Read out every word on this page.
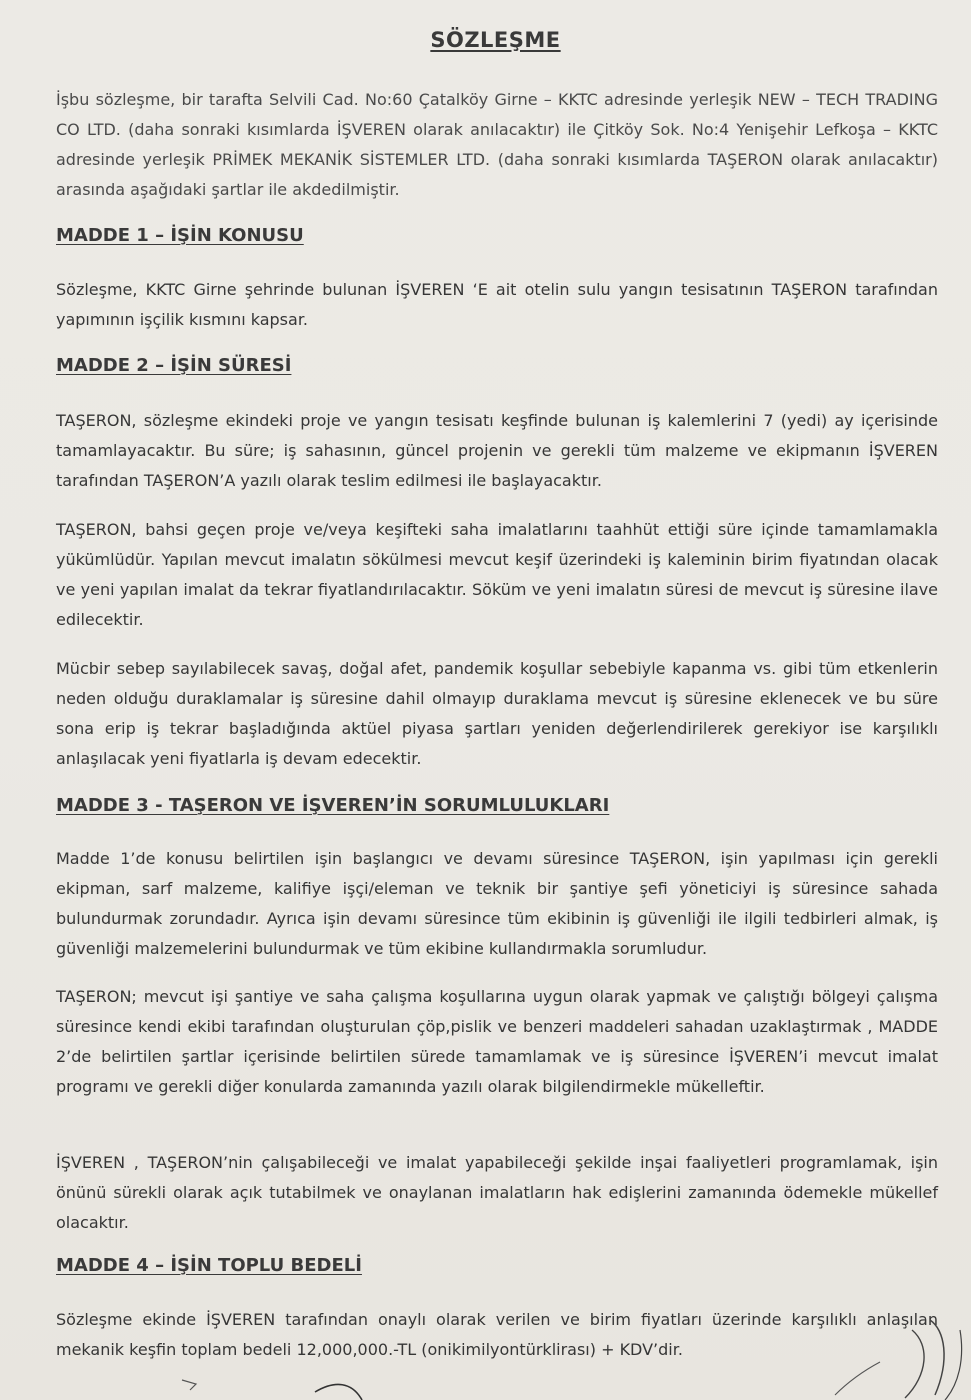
SÖZLEŞME

İşbu sözleşme, bir tarafta Selvili Cad. No:60 Çatalköy Girne – KKTC adresinde yerleşik NEW – TECH TRADING CO LTD. (daha sonraki kısımlarda İŞVEREN olarak anılacaktır) ile Çitköy Sok. No:4 Yenişehir Lefkoşa – KKTC adresinde yerleşik PRİMEK MEKANİK SİSTEMLER LTD. (daha sonraki kısımlarda TAŞERON olarak anılacaktır) arasında aşağıdaki şartlar ile akdedilmiştir.

MADDE 1 – İŞİN KONUSU

Sözleşme, KKTC Girne şehrinde bulunan İŞVEREN ‘E ait otelin sulu yangın tesisatının TAŞERON tarafından yapımının işçilik kısmını kapsar.

MADDE 2 – İŞİN SÜRESİ

TAŞERON, sözleşme ekindeki proje ve yangın tesisatı keşfinde bulunan iş kalemlerini 7 (yedi) ay içerisinde tamamlayacaktır. Bu süre; iş sahasının, güncel projenin ve gerekli tüm malzeme ve ekipmanın İŞVEREN tarafından TAŞERON’A yazılı olarak teslim edilmesi ile başlayacaktır.

TAŞERON, bahsi geçen proje ve/veya keşifteki saha imalatlarını taahhüt ettiği süre içinde tamamlamakla yükümlüdür. Yapılan mevcut imalatın sökülmesi mevcut keşif üzerindeki iş kaleminin birim fiyatından olacak ve yeni yapılan imalat da tekrar fiyatlandırılacaktır. Söküm ve yeni imalatın süresi de mevcut iş süresine ilave edilecektir.

Mücbir sebep sayılabilecek savaş, doğal afet, pandemik koşullar sebebiyle kapanma vs. gibi tüm etkenlerin neden olduğu duraklamalar iş süresine dahil olmayıp duraklama mevcut iş süresine eklenecek ve bu süre sona erip iş tekrar başladığında aktüel piyasa şartları yeniden değerlendirilerek gerekiyor ise karşılıklı anlaşılacak yeni fiyatlarla iş devam edecektir.

MADDE 3 - TAŞERON VE İŞVEREN’İN SORUMLULUKLARI

Madde 1’de konusu belirtilen işin başlangıcı ve devamı süresince TAŞERON, işin yapılması için gerekli ekipman, sarf malzeme, kalifiye işçi/eleman ve teknik bir şantiye şefi yöneticiyi iş süresince sahada bulundurmak zorundadır. Ayrıca işin devamı süresince tüm ekibinin iş güvenliği ile ilgili tedbirleri almak, iş güvenliği malzemelerini bulundurmak ve tüm ekibine kullandırmakla sorumludur.

TAŞERON; mevcut işi şantiye ve saha çalışma koşullarına uygun olarak yapmak ve çalıştığı bölgeyi çalışma süresince kendi ekibi tarafından oluşturulan çöp,pislik ve benzeri maddeleri sahadan uzaklaştırmak , MADDE 2’de belirtilen şartlar içerisinde belirtilen sürede tamamlamak ve iş süresince İŞVEREN’i mevcut imalat programı ve gerekli diğer konularda zamanında yazılı olarak bilgilendirmekle mükelleftir.

İŞVEREN , TAŞERON’nin çalışabileceği ve imalat yapabileceği şekilde inşai faaliyetleri programlamak, işin önünü sürekli olarak açık tutabilmek ve onaylanan imalatların hak edişlerini zamanında ödemekle mükellef olacaktır.

MADDE 4 – İŞİN TOPLU BEDELİ

Sözleşme ekinde İŞVEREN tarafından onaylı olarak verilen ve birim fiyatları üzerinde karşılıklı anlaşılan mekanik keşfin toplam bedeli 12,000,000.-TL (onikimilyontürklirası) + KDV’dir.
